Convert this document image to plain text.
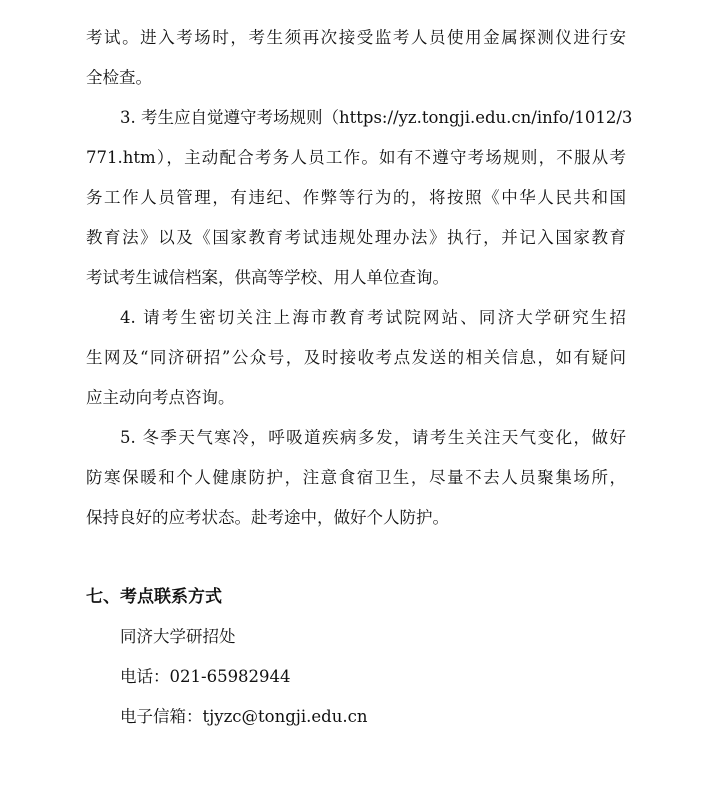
考试。进入考场时，考生须再次接受监考人员使用金属探测仪进行安
全检查。
3. 考生应自觉遵守考场规则（https://yz.tongji.edu.cn/info/1012/3
771.htm），主动配合考务人员工作。如有不遵守考场规则，不服从考
务工作人员管理，有违纪、作弊等行为的，将按照《中华人民共和国
教育法》以及《国家教育考试违规处理办法》执行，并记入国家教育
考试考生诚信档案，供高等学校、用人单位查询。
4. 请考生密切关注上海市教育考试院网站、同济大学研究生招
生网及“同济研招”公众号，及时接收考点发送的相关信息，如有疑问
应主动向考点咨询。
5. 冬季天气寒冷，呼吸道疾病多发，请考生关注天气变化，做好
防寒保暖和个人健康防护，注意食宿卫生，尽量不去人员聚集场所，
保持良好的应考状态。赴考途中，做好个人防护。
七、考点联系方式
同济大学研招处
电话：021-65982944
电子信箱：tjyzc@tongji.edu.cn
